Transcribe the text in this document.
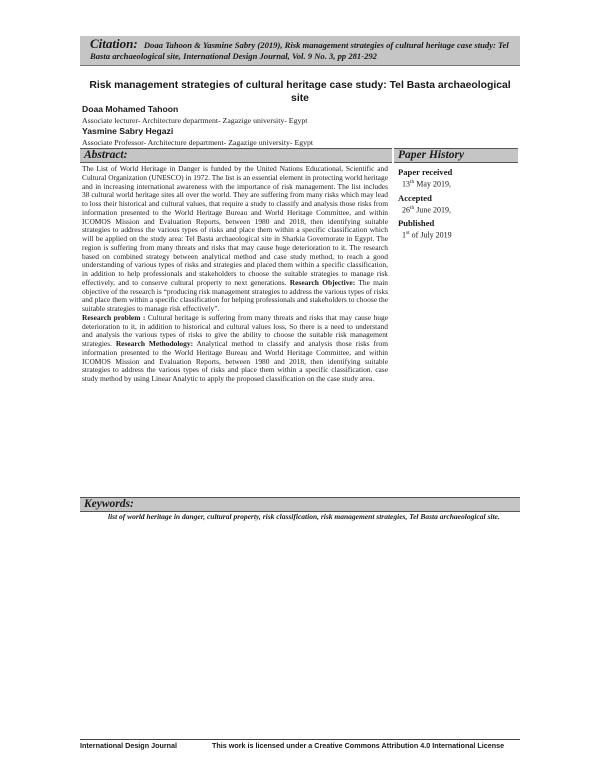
Citation: Doaa Tahoon & Yasmine Sabry (2019), Risk management strategies of cultural heritage case study: Tel Basta archaeological site, International Design Journal, Vol. 9 No. 3, pp 281-292
Risk management strategies of cultural heritage case study: Tel Basta archaeological site
Doaa Mohamed Tahoon
Associate lecturer- Architecture department- Zagazige university- Egypt
Yasmine Sabry Hegazi
Associate Professor- Architecture department- Zagazige university- Egypt
Abstract:	Paper History
The List of World Heritage in Danger is funded by the United Nations Educational, Scientific and Cultural Organization (UNESCO) in 1972. The list is an essential element in protecting world heritage and in increasing international awareness with the importance of risk management. The list includes 38 cultural world heritage sites all over the world. They are suffering from many risks which may lead to loss their historical and cultural values, that require a study to classify and analysis those risks from information presented to the World Heritage Bureau and World Heritage Committee, and within ICOMOS Mission and Evaluation Reports, between 1980 and 2018, then identifying suitable strategies to address the various types of risks and place them within a specific classification which will be applied on the study area: Tel Basta archaeological site in Sharkia Governorate in Egypt. The region is suffering from many threats and risks that may cause huge deterioration to it. The research based on combined strategy between analytical method and case study method, to reach a good understanding of various types of risks and strategies and placed them within a specific classification, in addition to help professionals and stakeholders to choose the suitable strategies to manage risk effectively, and to conserve cultural property to next generations. Research Objective: The main objective of the research is “producing risk management strategies to address the various types of risks and place them within a specific classification for helping professionals and stakeholders to choose the suitable strategies to manage risk effectively”.
Research problem : Cultural heritage is suffering from many threats and risks that may cause huge deterioration to it, in addition to historical and cultural values loss, So there is a need to understand and analysis the various types of risks to give the ability to choose the suitable risk management strategies. Research Methodology: Analytical method to classify and analysis those risks from information presented to the World Heritage Bureau and World Heritage Committee, and within ICOMOS Mission and Evaluation Reports, between 1980 and 2018, then identifying suitable strategies to address the various types of risks and place them within a specific classification. case study method by using Linear Analytic to apply the proposed classification on the case study area.
Paper received
13th May 2019,
Accepted
26th June 2019,
Published
1st of July 2019
Keywords:
list of world heritage in danger, cultural property, risk classification, risk management strategies, Tel Basta archaeological site.
International Design Journal	This work is licensed under a Creative Commons Attribution 4.0 International License
